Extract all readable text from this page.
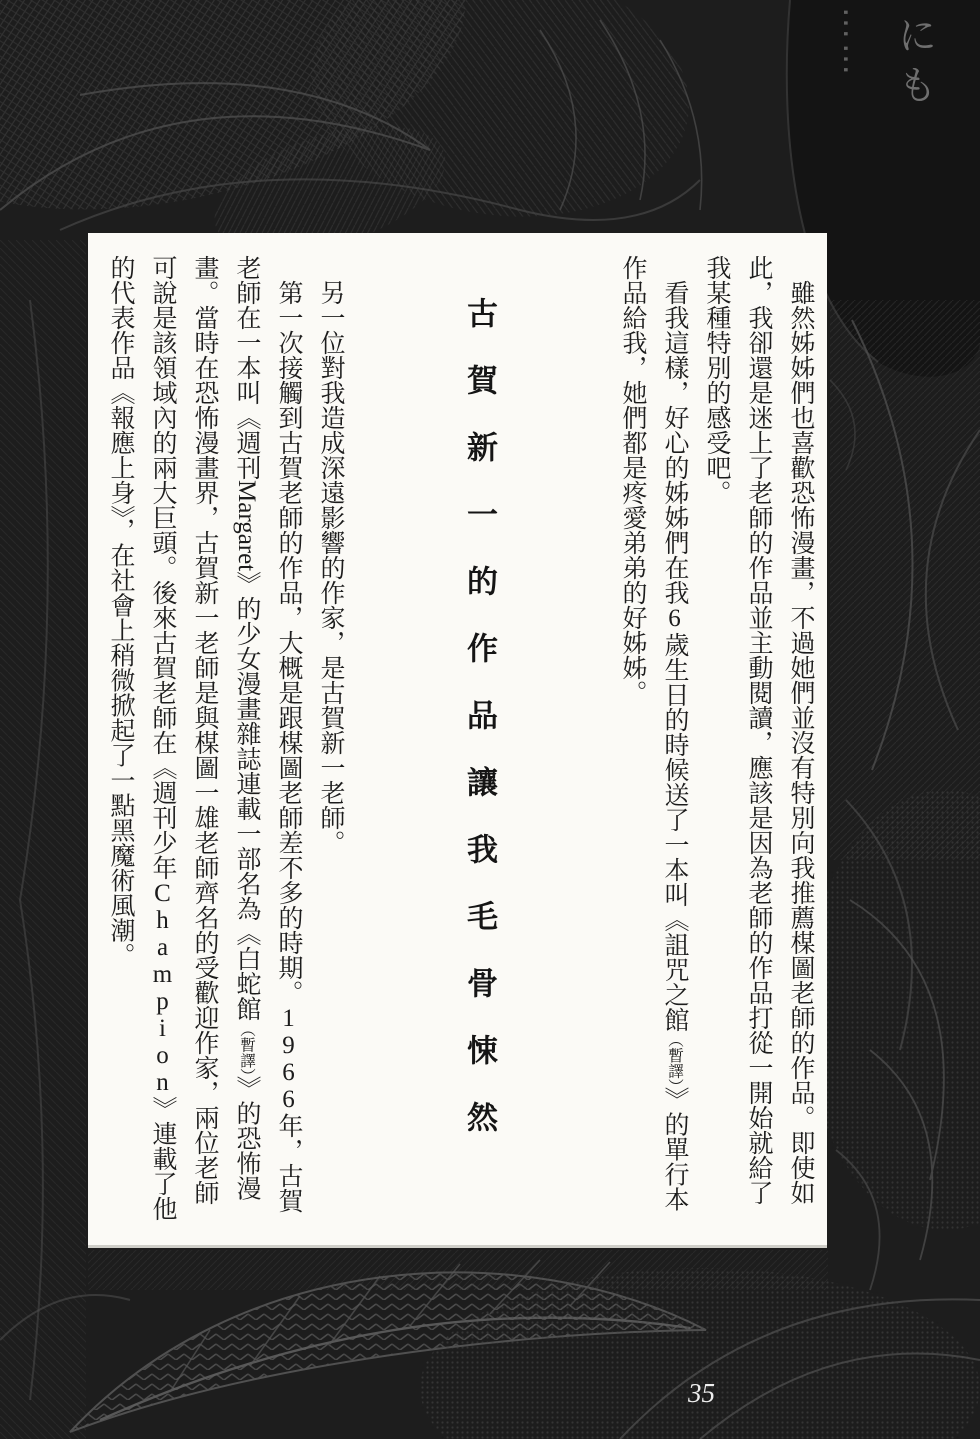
…… にも

雖然姊姊們也喜歡恐怖漫畫，不過她們並沒有特別向我推薦楳圖老師的作品。即使如此，我卻還是迷上了老師的作品並主動閱讀，應該是因為老師的作品打從一開始就給了我某種特別的感受吧。

看我這樣，好心的姊姊們在我6歲生日的時候送了一本叫《詛咒之館（暫譯）》的單行本作品給我，她們都是疼愛弟弟的好姊姊。

古賀新一的作品讓我毛骨悚然

另一位對我造成深遠影響的作家，是古賀新一老師。

第一次接觸到古賀老師的作品，大概是跟楳圖老師差不多的時期。1966年，古賀老師在一本叫《週刊Margaret》的少女漫畫雜誌連載一部名為《白蛇館（暫譯）》的恐怖漫畫。當時在恐怖漫畫界，古賀新一老師是與楳圖一雄老師齊名的受歡迎作家，兩位老師可說是該領域內的兩大巨頭。後來古賀老師在《週刊少年Champion》連載了他的代表作品《報應上身》，在社會上稍微掀起了一點黑魔術風潮。

35
